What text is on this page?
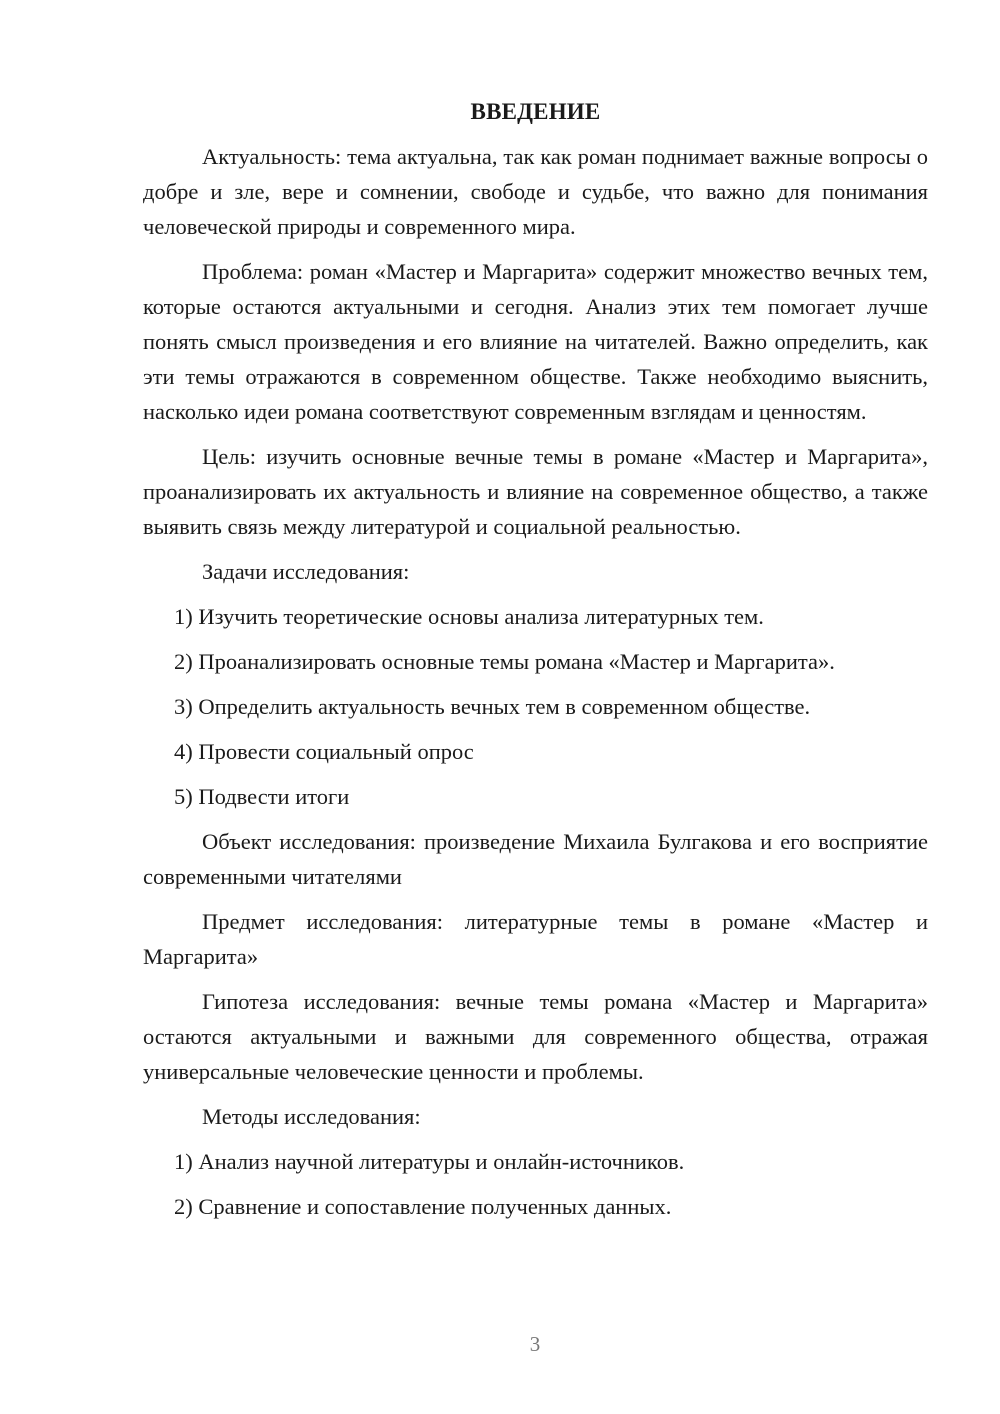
ВВЕДЕНИЕ

Актуальность: тема актуальна, так как роман поднимает важные вопросы о добре и зле, вере и сомнении, свободе и судьбе, что важно для понимания человеческой природы и современного мира.

Проблема: роман «Мастер и Маргарита» содержит множество вечных тем, которые остаются актуальными и сегодня. Анализ этих тем помогает лучше понять смысл произведения и его влияние на читателей. Важно определить, как эти темы отражаются в современном обществе. Также необходимо выяснить, насколько идеи романа соответствуют современным взглядам и ценностям.

Цель: изучить основные вечные темы в романе «Мастер и Маргарита», проанализировать их актуальность и влияние на современное общество, а также выявить связь между литературой и социальной реальностью.

Задачи исследования:

1) Изучить теоретические основы анализа литературных тем.

2) Проанализировать основные темы романа «Мастер и Маргарита».

3) Определить актуальность вечных тем в современном обществе.

4) Провести социальный опрос

5) Подвести итоги

Объект исследования: произведение Михаила Булгакова и его восприятие современными читателями

Предмет исследования: литературные темы в романе «Мастер и Маргарита»

Гипотеза исследования: вечные темы романа «Мастер и Маргарита» остаются актуальными и важными для современного общества, отражая универсальные человеческие ценности и проблемы.

Методы исследования:

1) Анализ научной литературы и онлайн-источников.

2) Сравнение и сопоставление полученных данных.

3
